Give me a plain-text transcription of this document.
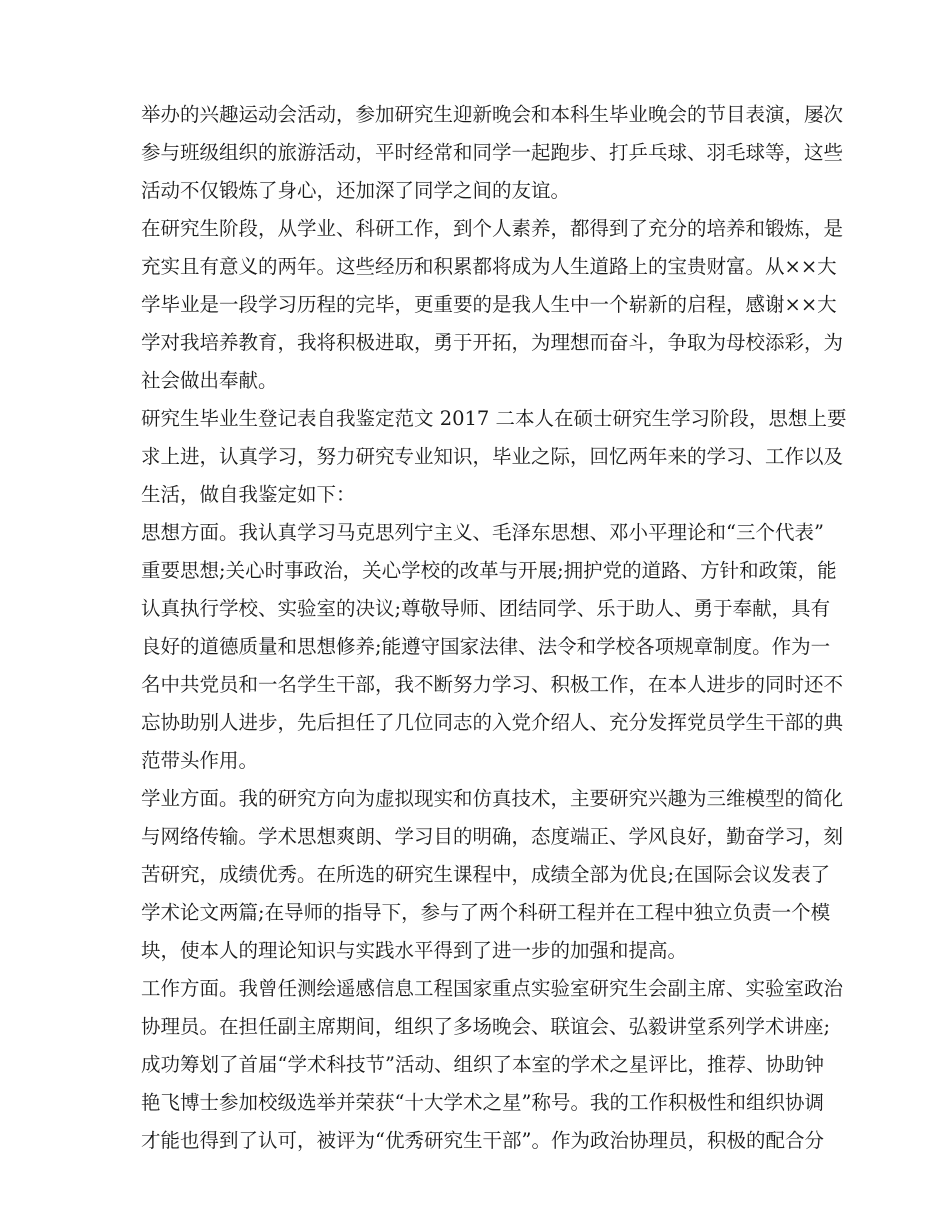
举办的兴趣运动会活动，参加研究生迎新晚会和本科生毕业晚会的节目表演，屡次
参与班级组织的旅游活动，平时经常和同学一起跑步、打乒乓球、羽毛球等，这些
活动不仅锻炼了身心，还加深了同学之间的友谊。
在研究生阶段，从学业、科研工作，到个人素养，都得到了充分的培养和锻炼，是
充实且有意义的两年。这些经历和积累都将成为人生道路上的宝贵财富。从××大
学毕业是一段学习历程的完毕，更重要的是我人生中一个崭新的启程，感谢××大
学对我培养教育，我将积极进取，勇于开拓，为理想而奋斗，争取为母校添彩，为
社会做出奉献。
研究生毕业生登记表自我鉴定范文 2017 二本人在硕士研究生学习阶段，思想上要
求上进，认真学习，努力研究专业知识，毕业之际，回忆两年来的学习、工作以及
生活，做自我鉴定如下：
思想方面。我认真学习马克思列宁主义、毛泽东思想、邓小平理论和“三个代表”
重要思想;关心时事政治，关心学校的改革与开展;拥护党的道路、方针和政策，能
认真执行学校、实验室的决议;尊敬导师、团结同学、乐于助人、勇于奉献，具有
良好的道德质量和思想修养;能遵守国家法律、法令和学校各项规章制度。作为一
名中共党员和一名学生干部，我不断努力学习、积极工作，在本人进步的同时还不
忘协助别人进步，先后担任了几位同志的入党介绍人、充分发挥党员学生干部的典
范带头作用。
学业方面。我的研究方向为虚拟现实和仿真技术，主要研究兴趣为三维模型的简化
与网络传输。学术思想爽朗、学习目的明确，态度端正、学风良好，勤奋学习，刻
苦研究，成绩优秀。在所选的研究生课程中，成绩全部为优良;在国际会议发表了
学术论文两篇;在导师的指导下，参与了两个科研工程并在工程中独立负责一个模
块，使本人的理论知识与实践水平得到了进一步的加强和提高。
工作方面。我曾任测绘遥感信息工程国家重点实验室研究生会副主席、实验室政治
协理员。在担任副主席期间，组织了多场晚会、联谊会、弘毅讲堂系列学术讲座;
成功筹划了首届“学术科技节”活动、组织了本室的学术之星评比，推荐、协助钟
艳飞博士参加校级选举并荣获“十大学术之星”称号。我的工作积极性和组织协调
才能也得到了认可，被评为“优秀研究生干部”。作为政治协理员，积极的配合分
